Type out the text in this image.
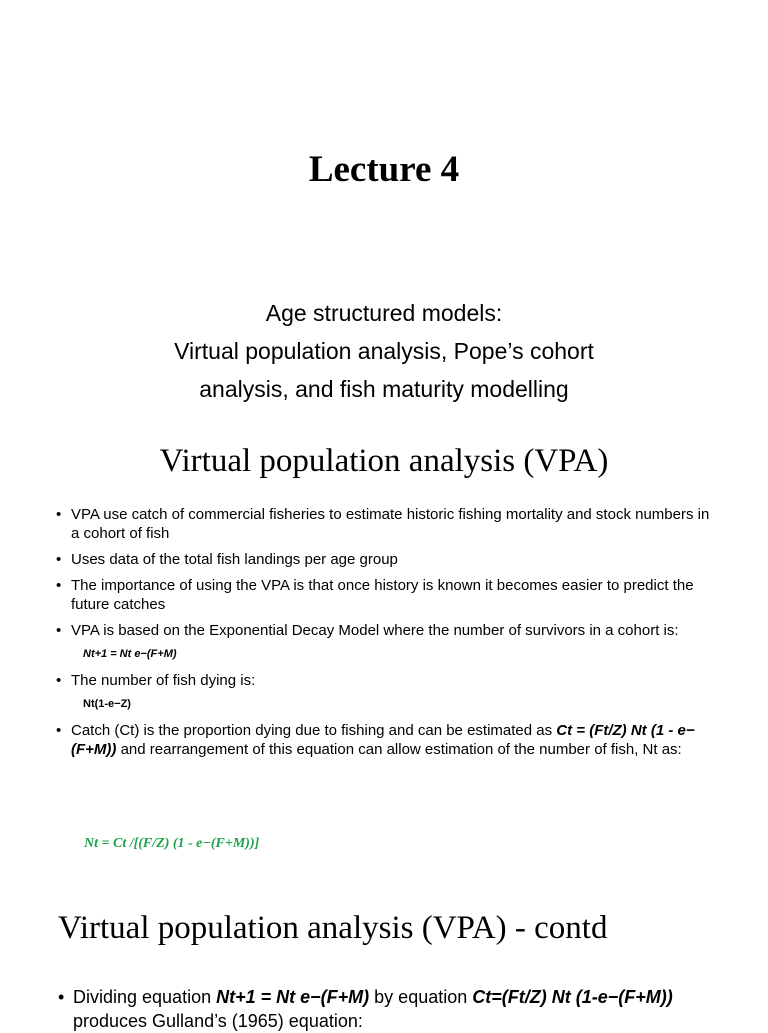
Lecture 4
Age structured models:
Virtual population analysis, Pope’s cohort
analysis, and fish maturity modelling
Virtual population analysis (VPA)
• VPA use catch of commercial fisheries to estimate historic fishing mortality and stock numbers in a cohort of fish
• Uses data of the total fish landings per age group
• The importance of using the VPA is that once history is known it becomes easier to predict the future catches
• VPA is based on the Exponential Decay Model where the number of survivors in a cohort is:
Nt+1 = Nt e−(F+M)
• The number of fish dying is:
Nt(1-e−Z)
• Catch (Ct) is the proportion dying due to fishing and can be estimated as Ct = (Ft/Z) Nt (1 - e−(F+M)) and rearrangement of this equation can allow estimation of the number of fish, Nt as:
Nt = Ct /[(F/Z) (1 - e−(F+M))]
Virtual population analysis (VPA) - contd
• Dividing equation Nt+1 = Nt e−(F+M) by equation Ct=(Ft/Z) Nt (1-e−(F+M)) produces Gulland’s (1965) equation:
